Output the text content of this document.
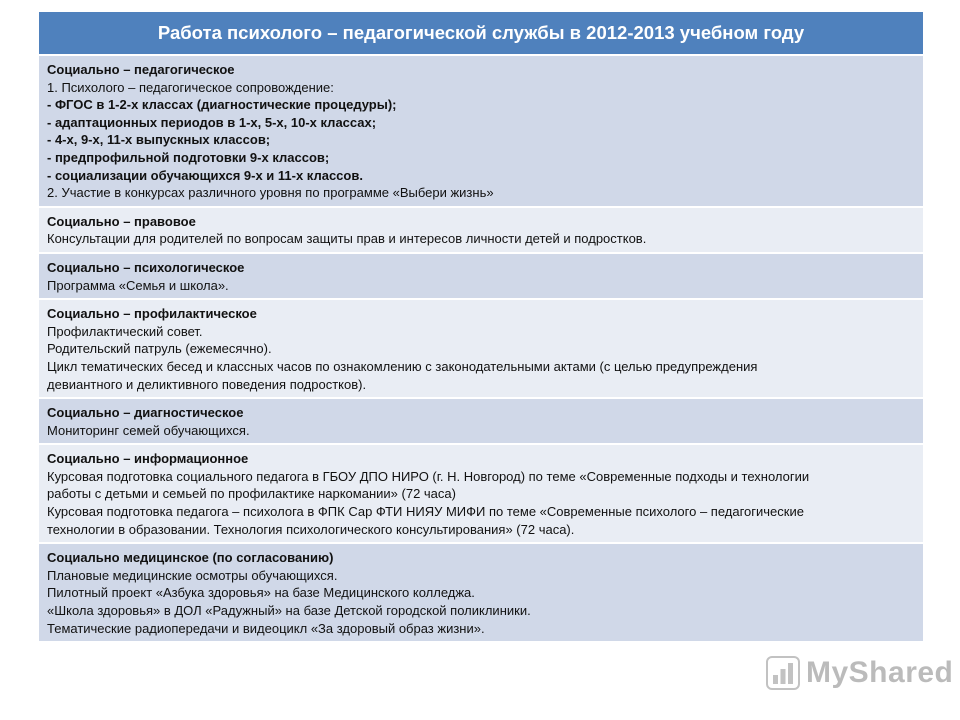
Работа психолого – педагогической службы в 2012-2013 учебном году
Социально – педагогическое
1. Психолого – педагогическое сопровождение:
- ФГОС в 1-2-х классах (диагностические процедуры);
- адаптационных периодов в 1-х, 5-х, 10-х классах;
- 4-х, 9-х, 11-х выпускных классов;
- предпрофильной подготовки 9-х классов;
- социализации обучающихся 9-х и 11-х классов.
2. Участие в конкурсах различного уровня по программе «Выбери жизнь»
Социально – правовое
Консультации для родителей по вопросам защиты прав и интересов личности детей и подростков.
Социально – психологическое
Программа «Семья и школа».
Социально – профилактическое
Профилактический совет.
Родительский патруль (ежемесячно).
Цикл тематических бесед и классных часов по ознакомлению с законодательными актами (с целью предупреждения
девиантного и деликтивного поведения подростков).
Социально – диагностическое
Мониторинг семей обучающихся.
Социально – информационное
Курсовая подготовка социального педагога в ГБОУ ДПО НИРО (г. Н. Новгород) по теме «Современные подходы и технологии
работы с детьми и семьей по профилактике наркомании» (72 часа)
Курсовая подготовка педагога – психолога в ФПК Сар ФТИ НИЯУ МИФИ по теме «Современные психолого – педагогические
технологии в образовании. Технология психологического консультирования» (72 часа).
Социально медицинское (по согласованию)
Плановые медицинские осмотры обучающихся.
Пилотный проект «Азбука здоровья» на базе Медицинского колледжа.
«Школа здоровья» в ДОЛ «Радужный» на базе Детской городской поликлиники.
Тематические радиопередачи и видеоцикл «За здоровый образ жизни».
MyShared
